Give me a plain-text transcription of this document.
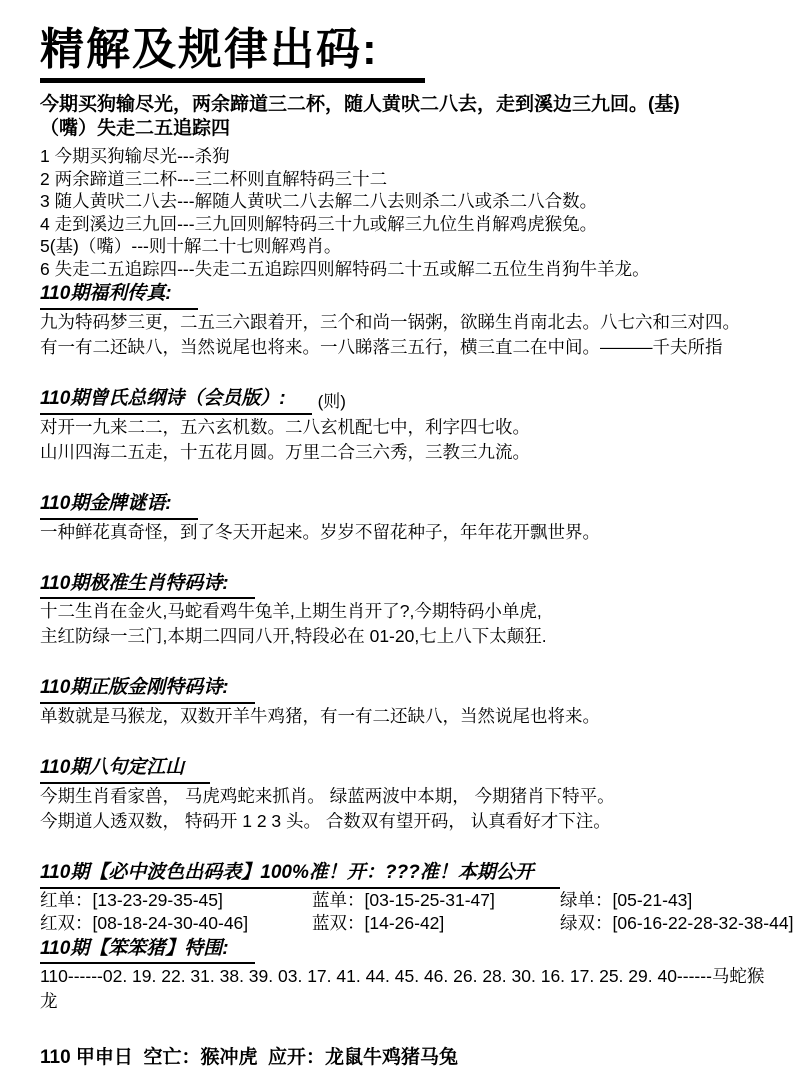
精解及规律出码:

今期买狗输尽光，两余蹄道三二杯，随人黄吠二八去，走到溪边三九回。(基)

（嘴）失走二五追踪四

1 今期买狗输尽光---杀狗
2 两余蹄道三二杯---三二杯则直解特码三十二
3 随人黄吠二八去---解随人黄吠二八去解二八去则杀二八或杀二八合数。
4 走到溪边三九回---三九回则解特码三十九或解三九位生肖解鸡虎猴兔。
5(基)（嘴）---则十解二十七则解鸡肖。
6 失走二五追踪四---失走二五追踪四则解特码二十五或解二五位生肖狗牛羊龙。
110期福利传真:
九为特码梦三更，二五三六跟着开，三个和尚一锅粥，欲睇生肖南北去。八七六和三对四。
有一有二还缺八，当然说尾也将来。一八睇落三五行，横三直二在中间。———千夫所指
110期曾氏总纲诗（会员版）: (则)
对开一九来二二，五六玄机数。二八玄机配七中，利字四七收。
山川四海二五走，十五花月圆。万里二合三六秀，三教三九流。
110期金牌谜语:
一种鲜花真奇怪，到了冬天开起来。岁岁不留花种子，年年花开飘世界。
110期极准生肖特码诗:
十二生肖在金火,马蛇看鸡牛兔羊,上期生肖开了?,今期特码小单虎,
主红防绿一三门,本期二四同八开,特段必在 01-20,七上八下太颠狂.
110期正版金刚特码诗:
单数就是马猴龙，双数开羊牛鸡猪，有一有二还缺八，当然说尾也将来。
110期八句定江山
今期生肖看家兽， 马虎鸡蛇来抓肖。 绿蓝两波中本期， 今期猪肖下特平。
今期道人透双数， 特码开 1 2 3 头。 合数双有望开码， 认真看好才下注。
110期【必中波色出码表】100%准！开：???准！本期公开
红单：[13-23-29-35-45]	蓝单：[03-15-25-31-47]	绿单：[05-21-43]
红双：[08-18-24-30-40-46]	蓝双：[14-26-42]	绿双：[06-16-22-28-32-38-44]
110期【笨笨猪】特围:
110------02. 19. 22. 31. 38. 39. 03. 17. 41. 44. 45. 46. 26. 28. 30. 16. 17. 25. 29. 40------马蛇猴龙
110 甲申日  空亡：猴冲虎  应开：龙鼠牛鸡猪马兔
